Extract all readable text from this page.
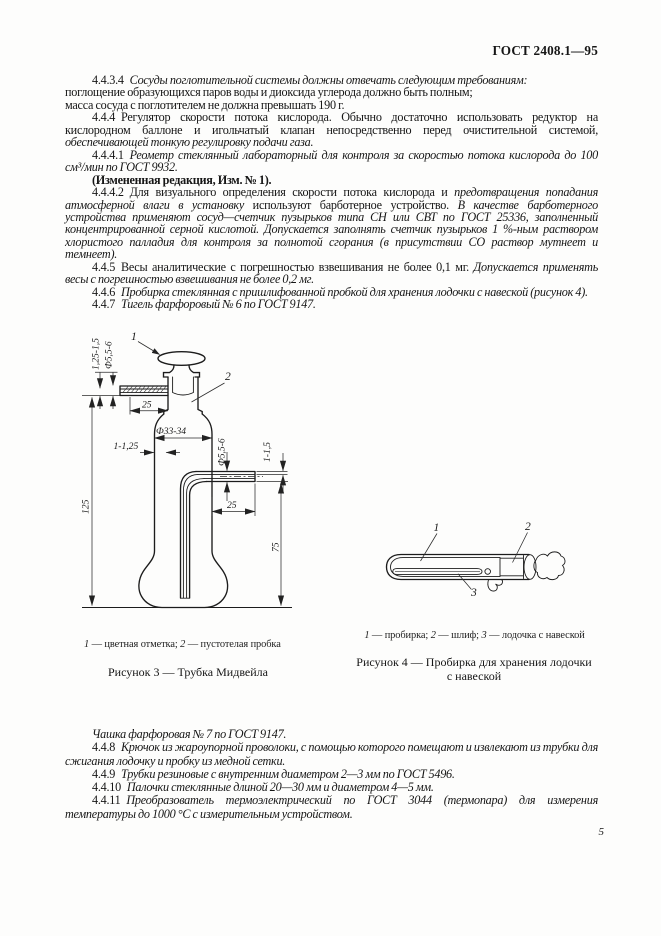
ГОСТ 2408.1—95

4.4.3.4 Сосуды поглотительной системы должны отвечать следующим требованиям:

поглощение образующихся паров воды и диоксида углерода должно быть полным;

масса сосуда с поглотителем не должна превышать 190 г.

4.4.4 Регулятор скорости потока кислорода. Обычно достаточно использовать редуктор на кислородном баллоне и игольчатый клапан непосредственно перед очистительной системой, обеспечивающей тонкую регулировку подачи газа.

4.4.4.1 Реометр стеклянный лабораторный для контроля за скоростью потока кислорода до 100 см³/мин по ГОСТ 9932.

(Измененная редакция, Изм. № 1).

4.4.4.2 Для визуального определения скорости потока кислорода и предотвращения попадания атмосферной влаги в установку используют барботерное устройство. В качестве барботерного устройства применяют сосуд—счетчик пузырьков типа СН или СВТ по ГОСТ 25336, заполненный концентрированной серной кислотой. Допускается заполнять счетчик пузырьков 1 %-ным раствором хлористого палладия для контроля за полнотой сгорания (в присутствии СО раствор мутнеет и темнеет).

4.4.5 Весы аналитические с погрешностью взвешивания не более 0,1 мг. Допускается применять весы с погрешностью взвешивания не более 0,2 мг.

4.4.6 Пробирка стеклянная с пришлифованной пробкой для хранения лодочки с навеской (рисунок 4).

4.4.7 Тигель фарфоровый № 6 по ГОСТ 9147.

1
2
1,25-1,5 Ф5,5-6
25
Ф33-34
1-1,25	Ф5,5-6	1-1,5
25
125
75
1 — цветная отметка; 2 — пустотелая пробка
Рисунок 3 — Трубка Мидвейла
1	2
3
1 — пробирка; 2 — шлиф; 3 — лодочка с навеской
Рисунок 4 — Пробирка для хранения лодочки
с навеской

Чашка фарфоровая № 7 по ГОСТ 9147.

4.4.8 Крючок из жароупорной проволоки, с помощью которого помещают и извлекают из трубки для сжигания лодочку и пробку из медной сетки.

4.4.9 Трубки резиновые с внутренним диаметром 2—3 мм по ГОСТ 5496.

4.4.10 Палочки стеклянные длиной 20—30 мм и диаметром 4—5 мм.

4.4.11 Преобразователь термоэлектрический по ГОСТ 3044 (термопара) для измерения температуры до 1000 °С с измерительным устройством.

5
